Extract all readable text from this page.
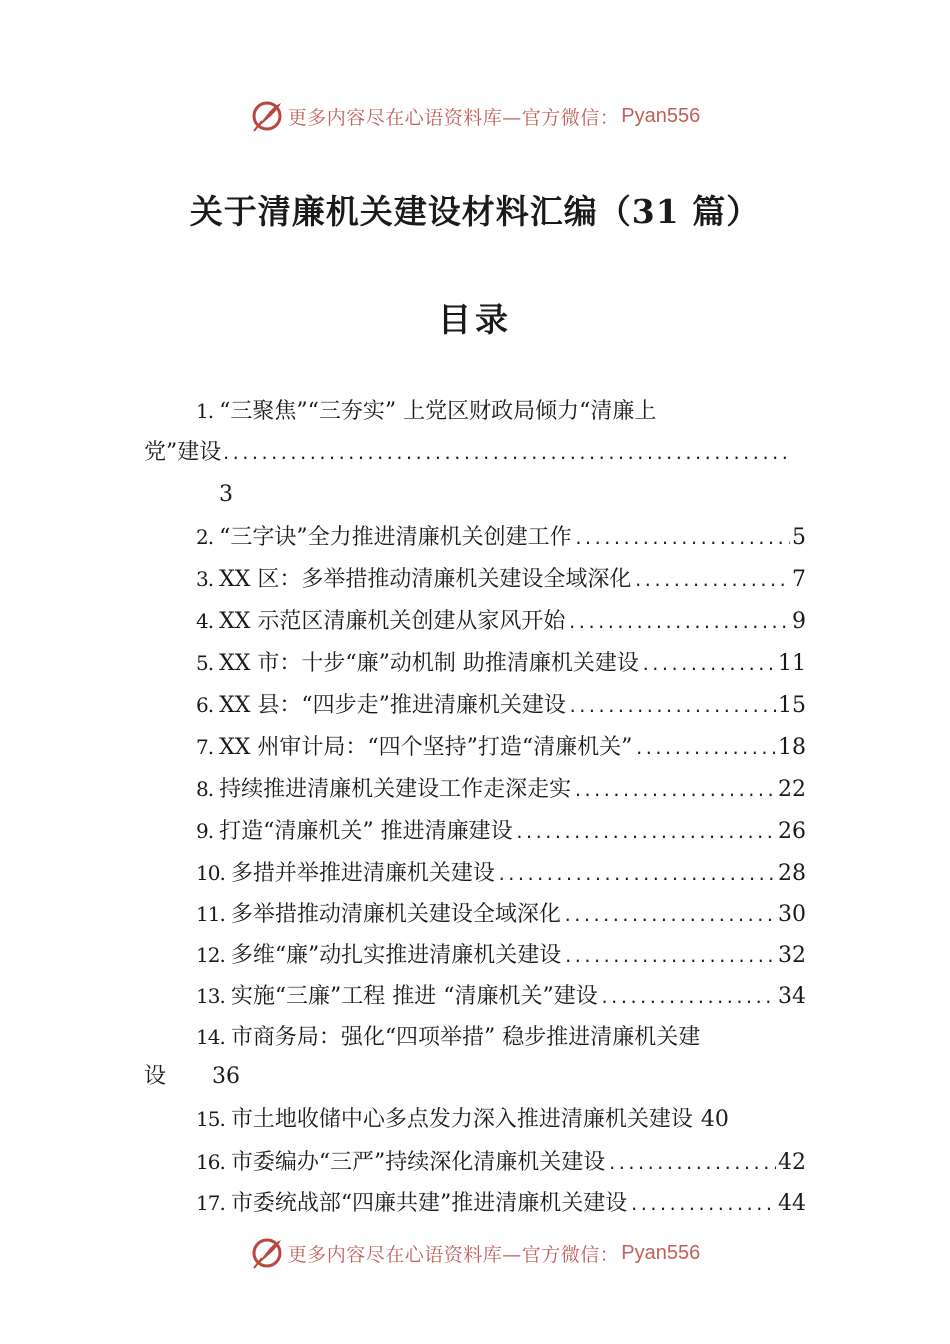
更多内容尽在心语资料库—官方微信： Pyan556
关于清廉机关建设材料汇编（31 篇）
目录
1. “三聚焦”“三夯实” 上党区财政局倾力“清廉上
党”建设
.....
3
2. “三字诀”全力推进清廉机关创建工作 .....	5
3. XX 区：多举措推动清廉机关建设全域深化 .....	7
4. XX 示范区清廉机关创建从家风开始 .....	9
5. XX 市：十步“廉”动机制 助推清廉机关建设 .....	11
6. XX 县：“四步走”推进清廉机关建设 .....	15
7. XX 州审计局：“四个坚持”打造“清廉机关” .....	18
8. 持续推进清廉机关建设工作走深走实 .....	22
9. 打造“清廉机关” 推进清廉建设 .....	26
10. 多措并举推进清廉机关建设 .....	28
11. 多举措推动清廉机关建设全域深化 .....	30
12. 多维“廉”动扎实推进清廉机关建设 .....	32
13. 实施“三廉”工程 推进 “清廉机关”建设 .....	34
14. 市商务局：强化“四项举措” 稳步推进清廉机关建
设 36
15. 市土地收储中心多点发力深入推进清廉机关建设 40
16. 市委编办“三严”持续深化清廉机关建设 .....	42
17. 市委统战部“四廉共建”推进清廉机关建设 .....	44
更多内容尽在心语资料库—官方微信： Pyan556
